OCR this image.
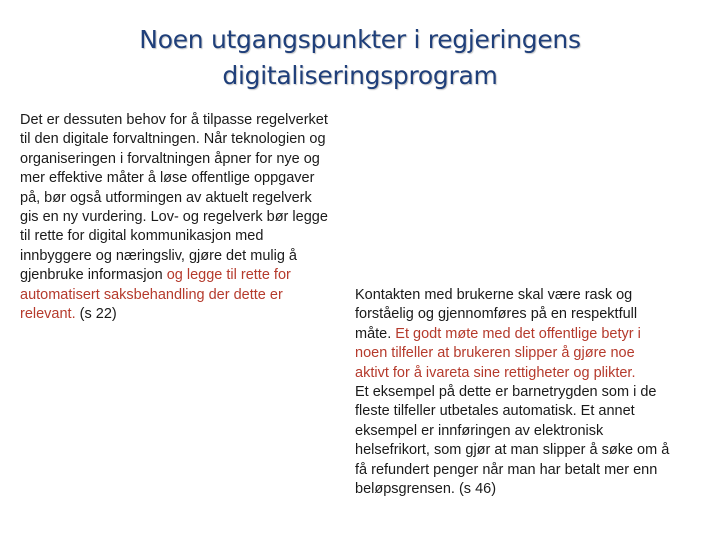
Noen utgangspunkter i regjeringens
digitaliseringsprogram
Det er dessuten behov for å tilpasse regelverket
til den digitale forvaltningen. Når teknologien og
organiseringen i forvaltningen åpner for nye og
mer effektive måter å løse offentlige oppgaver
på, bør også utformingen av aktuelt regelverk
gis en ny vurdering. Lov- og regelverk bør legge
til rette for digital kommunikasjon med
innbyggere og næringsliv, gjøre det mulig å
gjenbruke informasjon og legge til rette for
automatisert saksbehandling der dette er
relevant. (s 22)
Kontakten med brukerne skal være rask og
forståelig og gjennomføres på en respektfull
måte. Et godt møte med det offentlige betyr i
noen tilfeller at brukeren slipper å gjøre noe
aktivt for å ivareta sine rettigheter og plikter.
Et eksempel på dette er barnetrygden som i de
fleste tilfeller utbetales automatisk. Et annet
eksempel er innføringen av elektronisk
helsefrikort, som gjør at man slipper å søke om å
få refundert penger når man har betalt mer enn
beløpsgrensen. (s 46)
